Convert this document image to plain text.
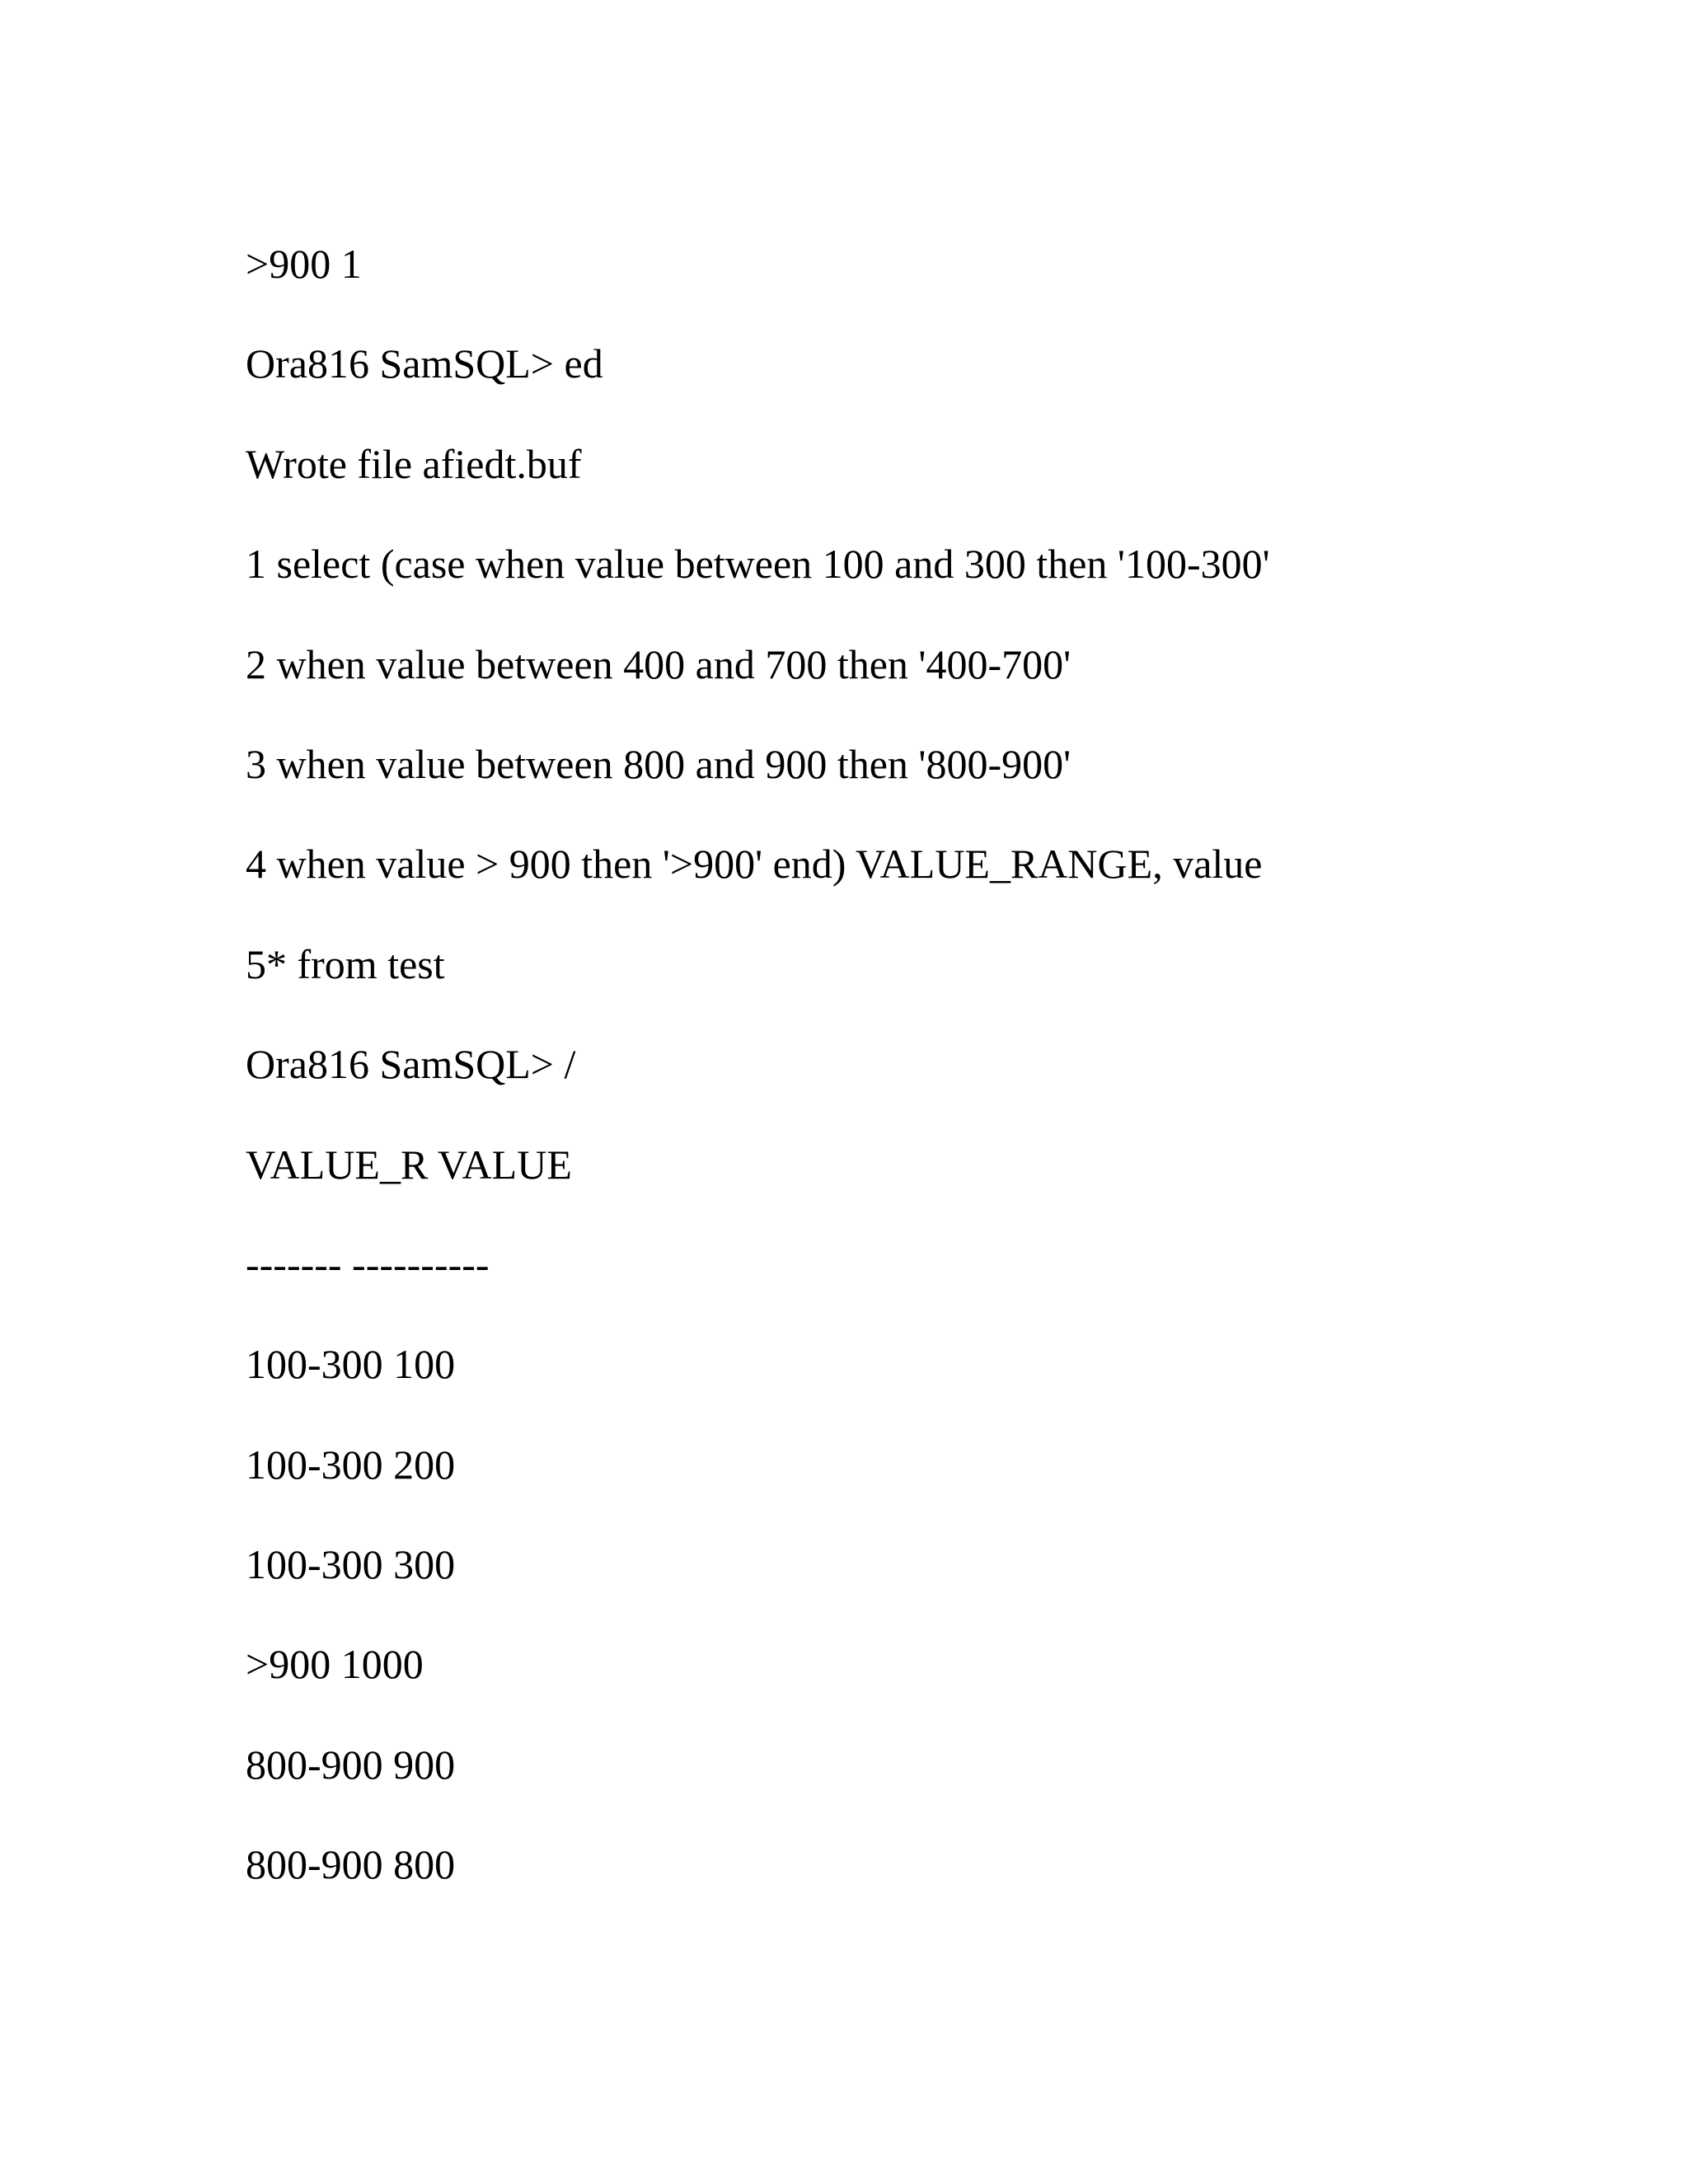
>900 1
Ora816 SamSQL> ed
Wrote file afiedt.buf
1 select (case when value between 100 and 300 then '100-300'
2 when value between 400 and 700 then '400-700'
3 when value between 800 and 900 then '800-900'
4 when value > 900 then '>900' end) VALUE_RANGE, value
5* from test
Ora816 SamSQL> /
VALUE_R VALUE
------- ----------
100-300 100
100-300 200
100-300 300
>900 1000
800-900 900
800-900 800
